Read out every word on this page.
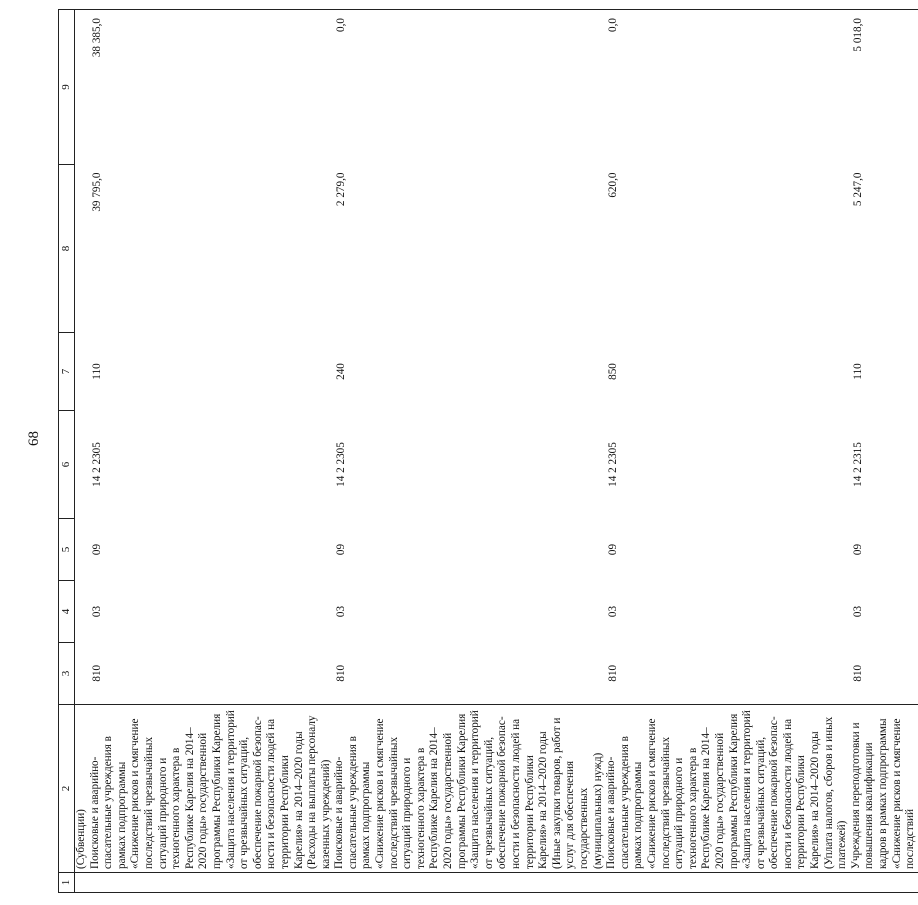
68
1	2	3	4	5	6	7	8	9
	(Субвенции)							
	Поисковые и аварийно-спасательные учреждения в рамках подпрограммы «Снижение рисков и смягчение последствий чрезвычайных ситуаций природного и техногенного характера в Республике Карелия на 2014–2020 годы» государственной программы Республики Карелия «Защита населения и территорий от чрезвычайных ситуаций, обеспечение пожарной безопасности и безопасности людей на территории Республики Карелия» на 2014–2020 годы (Расходы на выплаты персоналу казенных учреждений)	810	03	09	14 2 2305	110	39 795,0	38 385,0
	Поисковые и аварийно-спасательные учреждения в рамках подпрограммы «Снижение рисков и смягчение последствий чрезвычайных ситуаций природного и техногенного характера в Республике Карелия на 2014–2020 годы» государственной программы Республики Карелия «Защита населения и территорий от чрезвычайных ситуаций, обеспечение пожарной безопасности и безопасности людей на территории Республики Карелия» на 2014–2020 годы (Иные закупки товаров, работ и услуг для обеспечения государственных (муниципальных) нужд)	810	03	09	14 2 2305	240	2 279,0	0,0
	Поисковые и аварийно-спасательные учреждения в рамках подпрограммы «Снижение рисков и смягчение последствий чрезвычайных ситуаций природного и техногенного характера в Республике Карелия на 2014–2020 годы» государственной программы Республики Карелия «Защита населения и территорий от чрезвычайных ситуаций, обеспечение пожарной безопасности и безопасности людей на территории Республики Карелия» на 2014–2020 годы (Уплата налогов, сборов и иных платежей)	810	03	09	14 2 2305	850	620,0	0,0
	Учреждения переподготовки и повышения квалификации кадров в рамках подпрограммы «Снижение рисков и смягчение последствий	810	03	09	14 2 2315	110	5 247,0	5 018,0
